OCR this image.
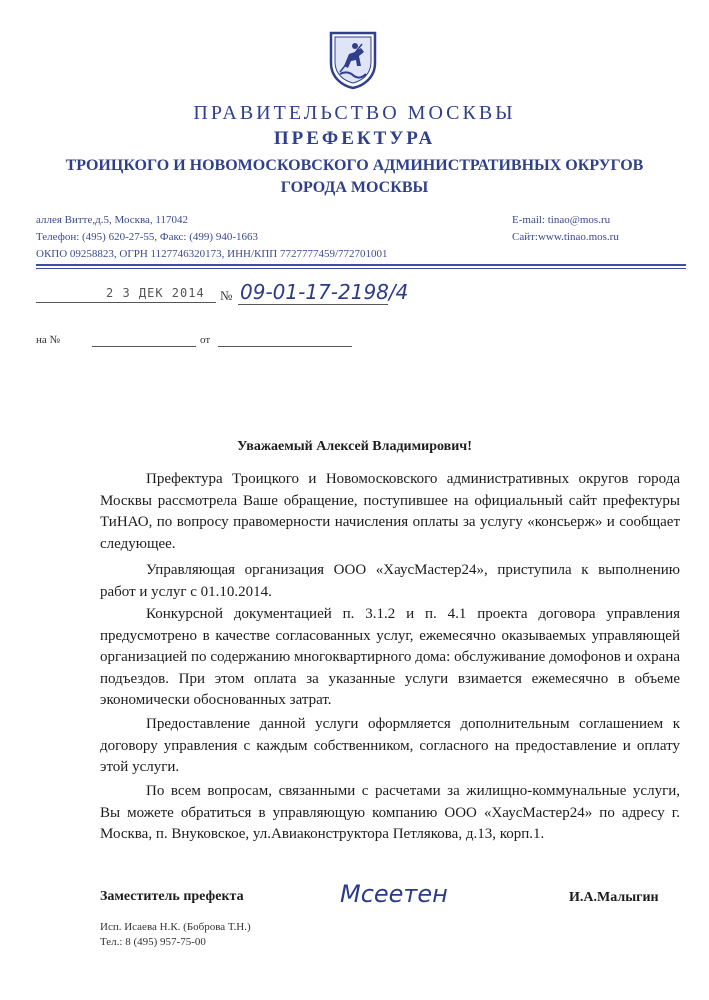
ПРАВИТЕЛЬСТВО МОСКВЫ
ПРЕФЕКТУРА
ТРОИЦКОГО И НОВОМОСКОВСКОГО АДМИНИСТРАТИВНЫХ ОКРУГОВ
ГОРОДА МОСКВЫ
аллея Витте,д.5, Москва, 117042
Телефон: (495) 620-27-55, Факс: (499) 940-1663
ОКПО 09258823, ОГРН 1127746320173, ИНН/КПП 7727777459/772701001
E-mail: tinao@mos.ru
Сайт:www.tinao.mos.ru
2 3 ДЕК 2014 № 09-01-17-2198/4
на №	от
Уважаемый Алексей Владимирович!
Префектура Троицкого и Новомосковского административных округов города Москвы рассмотрела Ваше обращение, поступившее на официальный сайт префектуры ТиНАО, по вопросу правомерности начисления оплаты за услугу «консьерж» и сообщает следующее.
Управляющая организация ООО «ХаусМастер24», приступила к выполнению работ и услуг с 01.10.2014.
Конкурсной документацией п. 3.1.2 и п. 4.1 проекта договора управления предусмотрено в качестве согласованных услуг, ежемесячно оказываемых управляющей организацией по содержанию многоквартирного дома: обслуживание домофонов и охрана подъездов. При этом оплата за указанные услуги взимается ежемесячно в объеме экономически обоснованных затрат.
Предоставление данной услуги оформляется дополнительным соглашением к договору управления с каждым собственником, согласного на предоставление и оплату этой услуги.
По всем вопросам, связанными с расчетами за жилищно-коммунальные услуги, Вы можете обратиться в управляющую компанию ООО «ХаусМастер24» по адресу г. Москва, п. Внуковское, ул.Авиаконструктора Петлякова, д.13, корп.1.
Заместитель префекта	Мсеетен	И.А.Малыгин
Исп. Исаева Н.К. (Боброва Т.Н.)
Тел.: 8 (495) 957-75-00
